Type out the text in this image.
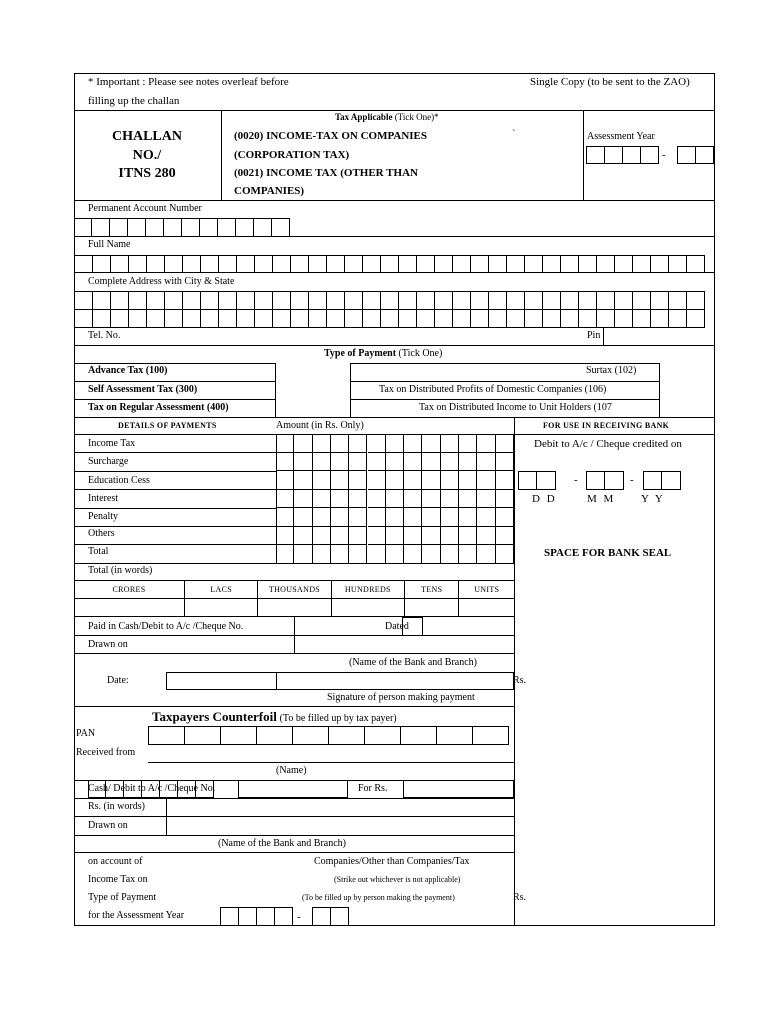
* Important : Please see notes overleaf before
filling up the challan
Single Copy (to be sent to the ZAO)
CHALLAN
NO./
ITNS 280
Tax Applicable (Tick One)*
(0020) INCOME-TAX ON COMPANIES	`
(CORPORATION TAX)
(0021) INCOME TAX (OTHER THAN
COMPANIES)
Assessment Year
-
Permanent Account Number
Full Name
Complete Address with City & State
Tel. No.	Pin
Type of Payment (Tick One)
Advance Tax (100)
Self Assessment Tax (300)
Tax on Regular Assessment (400)
Surtax (102)
Tax on Distributed Profits of Domestic Companies (106)
Tax on Distributed Income to Unit Holders (107
DETAILS OF PAYMENTS	Amount (in Rs. Only)	FOR USE IN RECEIVING BANK
Income Tax
Surcharge
Education Cess
Interest
Penalty
Others
Total
Total (in words)
CRORES	LACS	THOUSANDS	HUNDREDS	TENS	UNITS
Debit to A/c / Cheque credited on
-	-
D D	M M Y Y
SPACE FOR BANK SEAL
Rs.
Rs.
Paid in Cash/Debit to A/c /Cheque No.	Dated
Drawn on
(Name of the Bank and Branch)
Date:
Signature of person making payment
Taxpayers Counterfoil (To be filled up by tax payer)
PAN
Received from
(Name)
Cash/ Debit to A/c /Cheque No.	For Rs.
Rs. (in words)
Drawn on
(Name of the Bank and Branch)
on account of	Companies/Other than Companies/Tax
Income Tax on	(Strike out whichever is not applicable)
Type of Payment	(To be filled up by person making the payment)
for the Assessment Year	-
